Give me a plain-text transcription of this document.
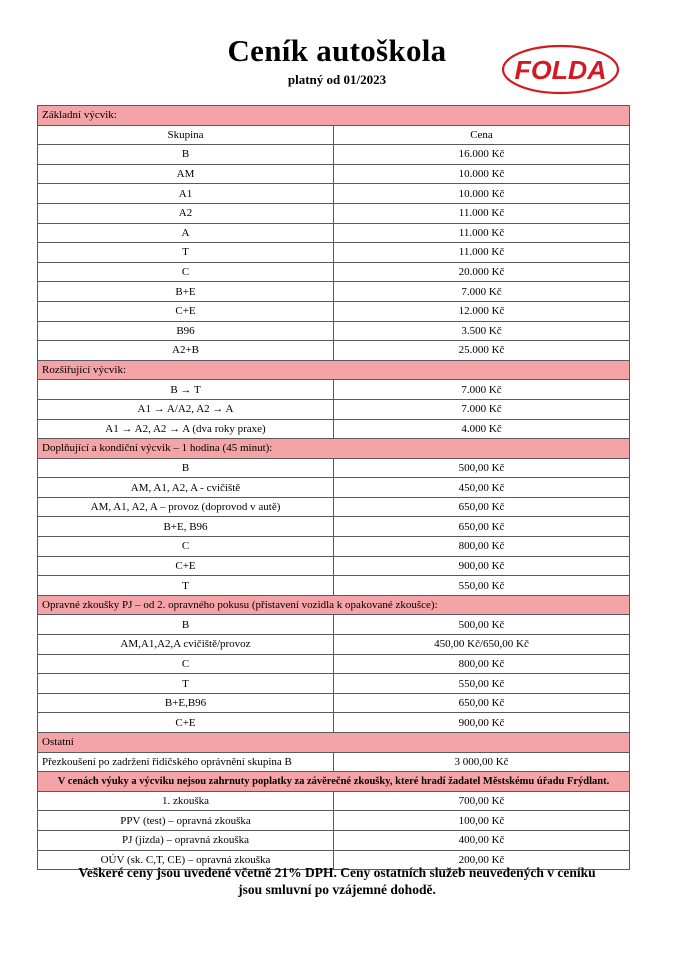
Ceník autoškola
platný od 01/2023	FOLDA
Základní výcvik:	
Skupina	Cena
B	16.000 Kč
AM	10.000 Kč
A1	10.000 Kč
A2	11.000 Kč
A	11.000 Kč
T	11.000 Kč
C	20.000 Kč
B+E	7.000 Kč
C+E	12.000 Kč
B96	3.500 Kč
A2+B	25.000 Kč
Rozšiřující výcvik:	
B → T	7.000 Kč
A1 → A/A2, A2 → A	7.000 Kč
A1 → A2, A2 → A (dva roky praxe)	4.000 Kč
Doplňující a kondiční výcvik – 1 hodina (45 minut):	
B	500,00 Kč
AM, A1, A2, A - cvičiště	450,00 Kč
AM, A1, A2, A – provoz (doprovod v autě)	650,00 Kč
B+E, B96	650,00 Kč
C	800,00 Kč
C+E	900,00 Kč
T	550,00 Kč
Opravné zkoušky PJ – od 2. opravného pokusu (přistavení vozidla k opakované zkoušce):	
B	500,00 Kč
AM,A1,A2,A cvičiště/provoz	450,00 Kč/650,00 Kč
C	800,00 Kč
T	550,00 Kč
B+E,B96	650,00 Kč
C+E	900,00 Kč
Ostatní	
Přezkoušení po zadržení řidičského oprávnění skupina B	3 000,00 Kč
V cenách výuky a výcviku nejsou zahrnuty poplatky za závěrečné zkoušky, které hradí žadatel Městskému úřadu Frýdlant.	
1. zkouška	700,00 Kč
PPV (test) – opravná zkouška	100,00 Kč
PJ (jízda) – opravná zkouška	400,00 Kč
OÚV (sk. C,T, CE) – opravná zkouška	200,00 Kč
Veškeré ceny jsou uvedené včetně 21% DPH. Ceny ostatních služeb neuvedených v ceníku
jsou smluvní po vzájemné dohodě.
